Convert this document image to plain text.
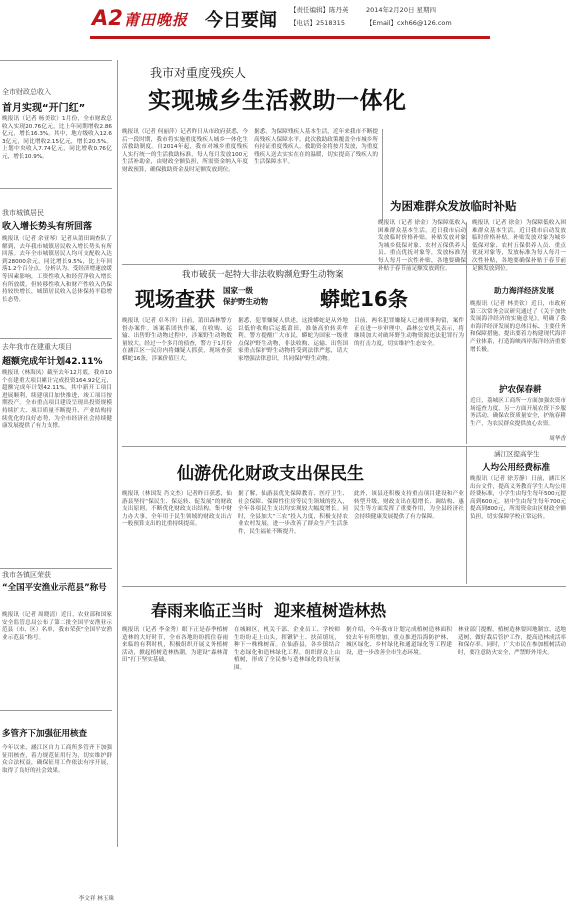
A2 莆田晚报 今日要闻 【责任编辑】陈丹英	2014年2月20日 星期四
【电话】2518315	【Email】cxh66@126.com
全市财政总收入
首月实现“开门红”
晚报讯（记者 杨美钦）1月份，全市财政总收入实现20.76亿元，比上年同期增收2.86亿元，增长16.3%。其中，地方级收入12.63亿元，同比增收2.15亿元，增长20.5%。上划中央收入7.74亿元，同比增收0.76亿元，增长10.9%。
我市城镇居民
收入增长势头有所回落
晚报讯（记者 余亚琴）记者从莆田调查队了解到，去年我市城镇居民收入增长势头有所回落。去年全市城镇居民人均可支配收入达到28000余元，同比增长9.5%，比上年回落1.2个百分点。分析认为，受经济增速放缓等因素影响，工资性收入和经营净收入增长有所放缓，但转移性收入和财产性收入仍保持较快增长，城镇居民收入总体保持平稳增长态势。
去年我市在建重大项目
超额完成年计划42.11%
晚报讯（林海凤）截至去年12月底，我市10个在建重大项目累计完成投资164.92亿元，超额完成年计划42.11%，其中新开工项目进展顺利，续建项目加快推进，竣工项目按期投产。全市重点项目建设呈现出投资规模持续扩大、项目质量不断提升、产业结构持续优化的良好态势，为全市经济社会持续健康发展提供了有力支撑。
我市各镇区荣获
“全国平安渔业示范县”称号
晚报讯（记者 周晓清）近日，农业部和国家安全监管总局公布了第二批全国平安渔业示范县（市、区）名单，我市荣获“全国平安渔业示范县”称号。
多管齐下加强征用核查
今年以来，涵江区自力工商所多管齐下加强征用核查，着力规范征用行为，切实维护群众合法权益，确保征用工作依法有序开展，取得了良好的社会效果。
李文祥 林玉珠
我市对重度残疾人
实现城乡生活救助一体化
晚报讯（记者 何丽萍）记者昨日从市政府获悉，今后一段时期，我市将实施重度残疾人城乡一体化生活救助制度。自2014年起，我市对城乡重度残疾人实行统一的生活救助标准，每人每月发放100元生活补助金，由财政全额负担，所需资金纳入年度财政预算，确保救助资金及时足额发放到位。
据悉，为保障残疾人基本生活，近年来我市不断提高残疾人保障水平。此次救助政策覆盖全市城乡所有持证重度残疾人，救助资金将按月发放，为重度残疾人送去实实在在的温暖，切实提高了残疾人的生活保障水平。
为困难群众发放临时补贴
晚报讯（记者 徐金）为保障低收入困难群众基本生活，近日我市启动发放临时价格补贴。补贴发放对象为城乡低保对象、农村五保供养人员、重点优抚对象等，发放标准为每人每月一次性补贴，各地要确保补贴于春节前足额发放到位。
晚报讯（记者 徐金）为保障低收入困难群众基本生活，近日我市启动发放临时价格补贴。补贴发放对象为城乡低保对象、农村五保供养人员、重点优抚对象等，发放标准为每人每月一次性补贴，各地要确保补贴于春节前足额发放到位。
我市破获一起特大非法收购濒危野生动物案
现场查获 国家一级
保护野生动物	蟒蛇16条
晚报讯（记者 卓冬洋）日前，莆田森林警方督办案件。该案系团伙作案，在收购、运输、出售野生动物过程中，涉案野生动物数量较大。经过一个多月的侦查，警方于1月份在涵江区一民房内将嫌疑人抓获，现场查获蟒蛇16条，涉案价值巨大。
据悉，犯罪嫌疑人供述，这批蟒蛇是从外地以低价收购后运抵莆田，准备高价转卖牟利。警方提醒广大市民，蟒蛇为国家一级重点保护野生动物，非法收购、运输、出售国家重点保护野生动物将受到法律严惩，请大家增强法律意识，共同保护野生动物。
目前，两名犯罪嫌疑人已被刑事拘留，案件正在进一步审理中。森林公安机关表示，将继续加大对破坏野生动物资源违法犯罪行为的打击力度，切实维护生态安全。
助力海洋经济发展
晚报讯（记者 林美钦）近日，市政府第三次常务会议研究通过了《关于加快发展海洋经济的实施意见》，明确了我市海洋经济发展的总体目标、主要任务和保障措施，提出要着力构建现代海洋产业体系，打造海峡西岸海洋经济重要增长极。
护农保春耕
近日，荔城区工商所一方面加强农资市场巡查力度，另一方面开展农资下乡服务活动，确保农资质量安全，护航春耕生产，为农民群众提供放心农资。
周华香
仙游优化财政支出保民生
晚报讯（林国发 肖文杰）记者昨日获悉，仙游县坚持“保民生、保运转、促发展”的财政支出原则，不断优化财政支出结构，集中财力办大事，全年用于民生领域的财政支出占一般预算支出的比重持续提高。
据了解，仙游县优先保障教育、医疗卫生、社会保障、保障性住房等民生领域的投入，全年各项民生支出均实现较大幅度增长。同时，全县加大“三农”投入力度，积极支持农业农村发展，进一步改善了群众生产生活条件，民生福祉不断提升。
此外，该县还积极支持重点项目建设和产业转型升级，财政支出在稳增长、调结构、惠民生等方面发挥了重要作用，为全县经济社会持续健康发展提供了有力保障。
涵江区提高学生
人均公用经费标准
晚报讯（记者 徐芳静）日前，涵江区出台文件，提高义务教育学生人均公用经费标准，小学生由每生每年500元提高到600元，初中生由每生每年700元提高到800元，所需资金由区财政全额负担，切实保障学校正常运转。
春雨来临正当时  迎来植树造林热
晚报讯（记者 李金秀）眼下正是春季植树造林的大好时节，全市各地纷纷抓住春雨来临的有利时机，积极组织开展义务植树活动，掀起植树造林热潮，为建设“森林莆田”打下坚实基础。
在城厢区，机关干部、企业员工、学校师生纷纷走上山头，挥锹铲土、扶苗填坑，种下一株株树苗。在仙游县，各乡镇结合生态绿化和造林绿化工程，组织群众上山植树，形成了全民参与造林绿化的良好氛围。
据介绍，今年我市计划完成植树造林面积较去年有所增加，重点推进沿海防护林、城区绿化、乡村绿化和通道绿化等工程建设，进一步改善全市生态环境。
林业部门提醒，植树造林要因地制宜、适地适树，做好栽后管护工作，提高造林成活率和保存率。同时，广大市民在参加植树活动时，要注意防火安全，严禁野外用火。
